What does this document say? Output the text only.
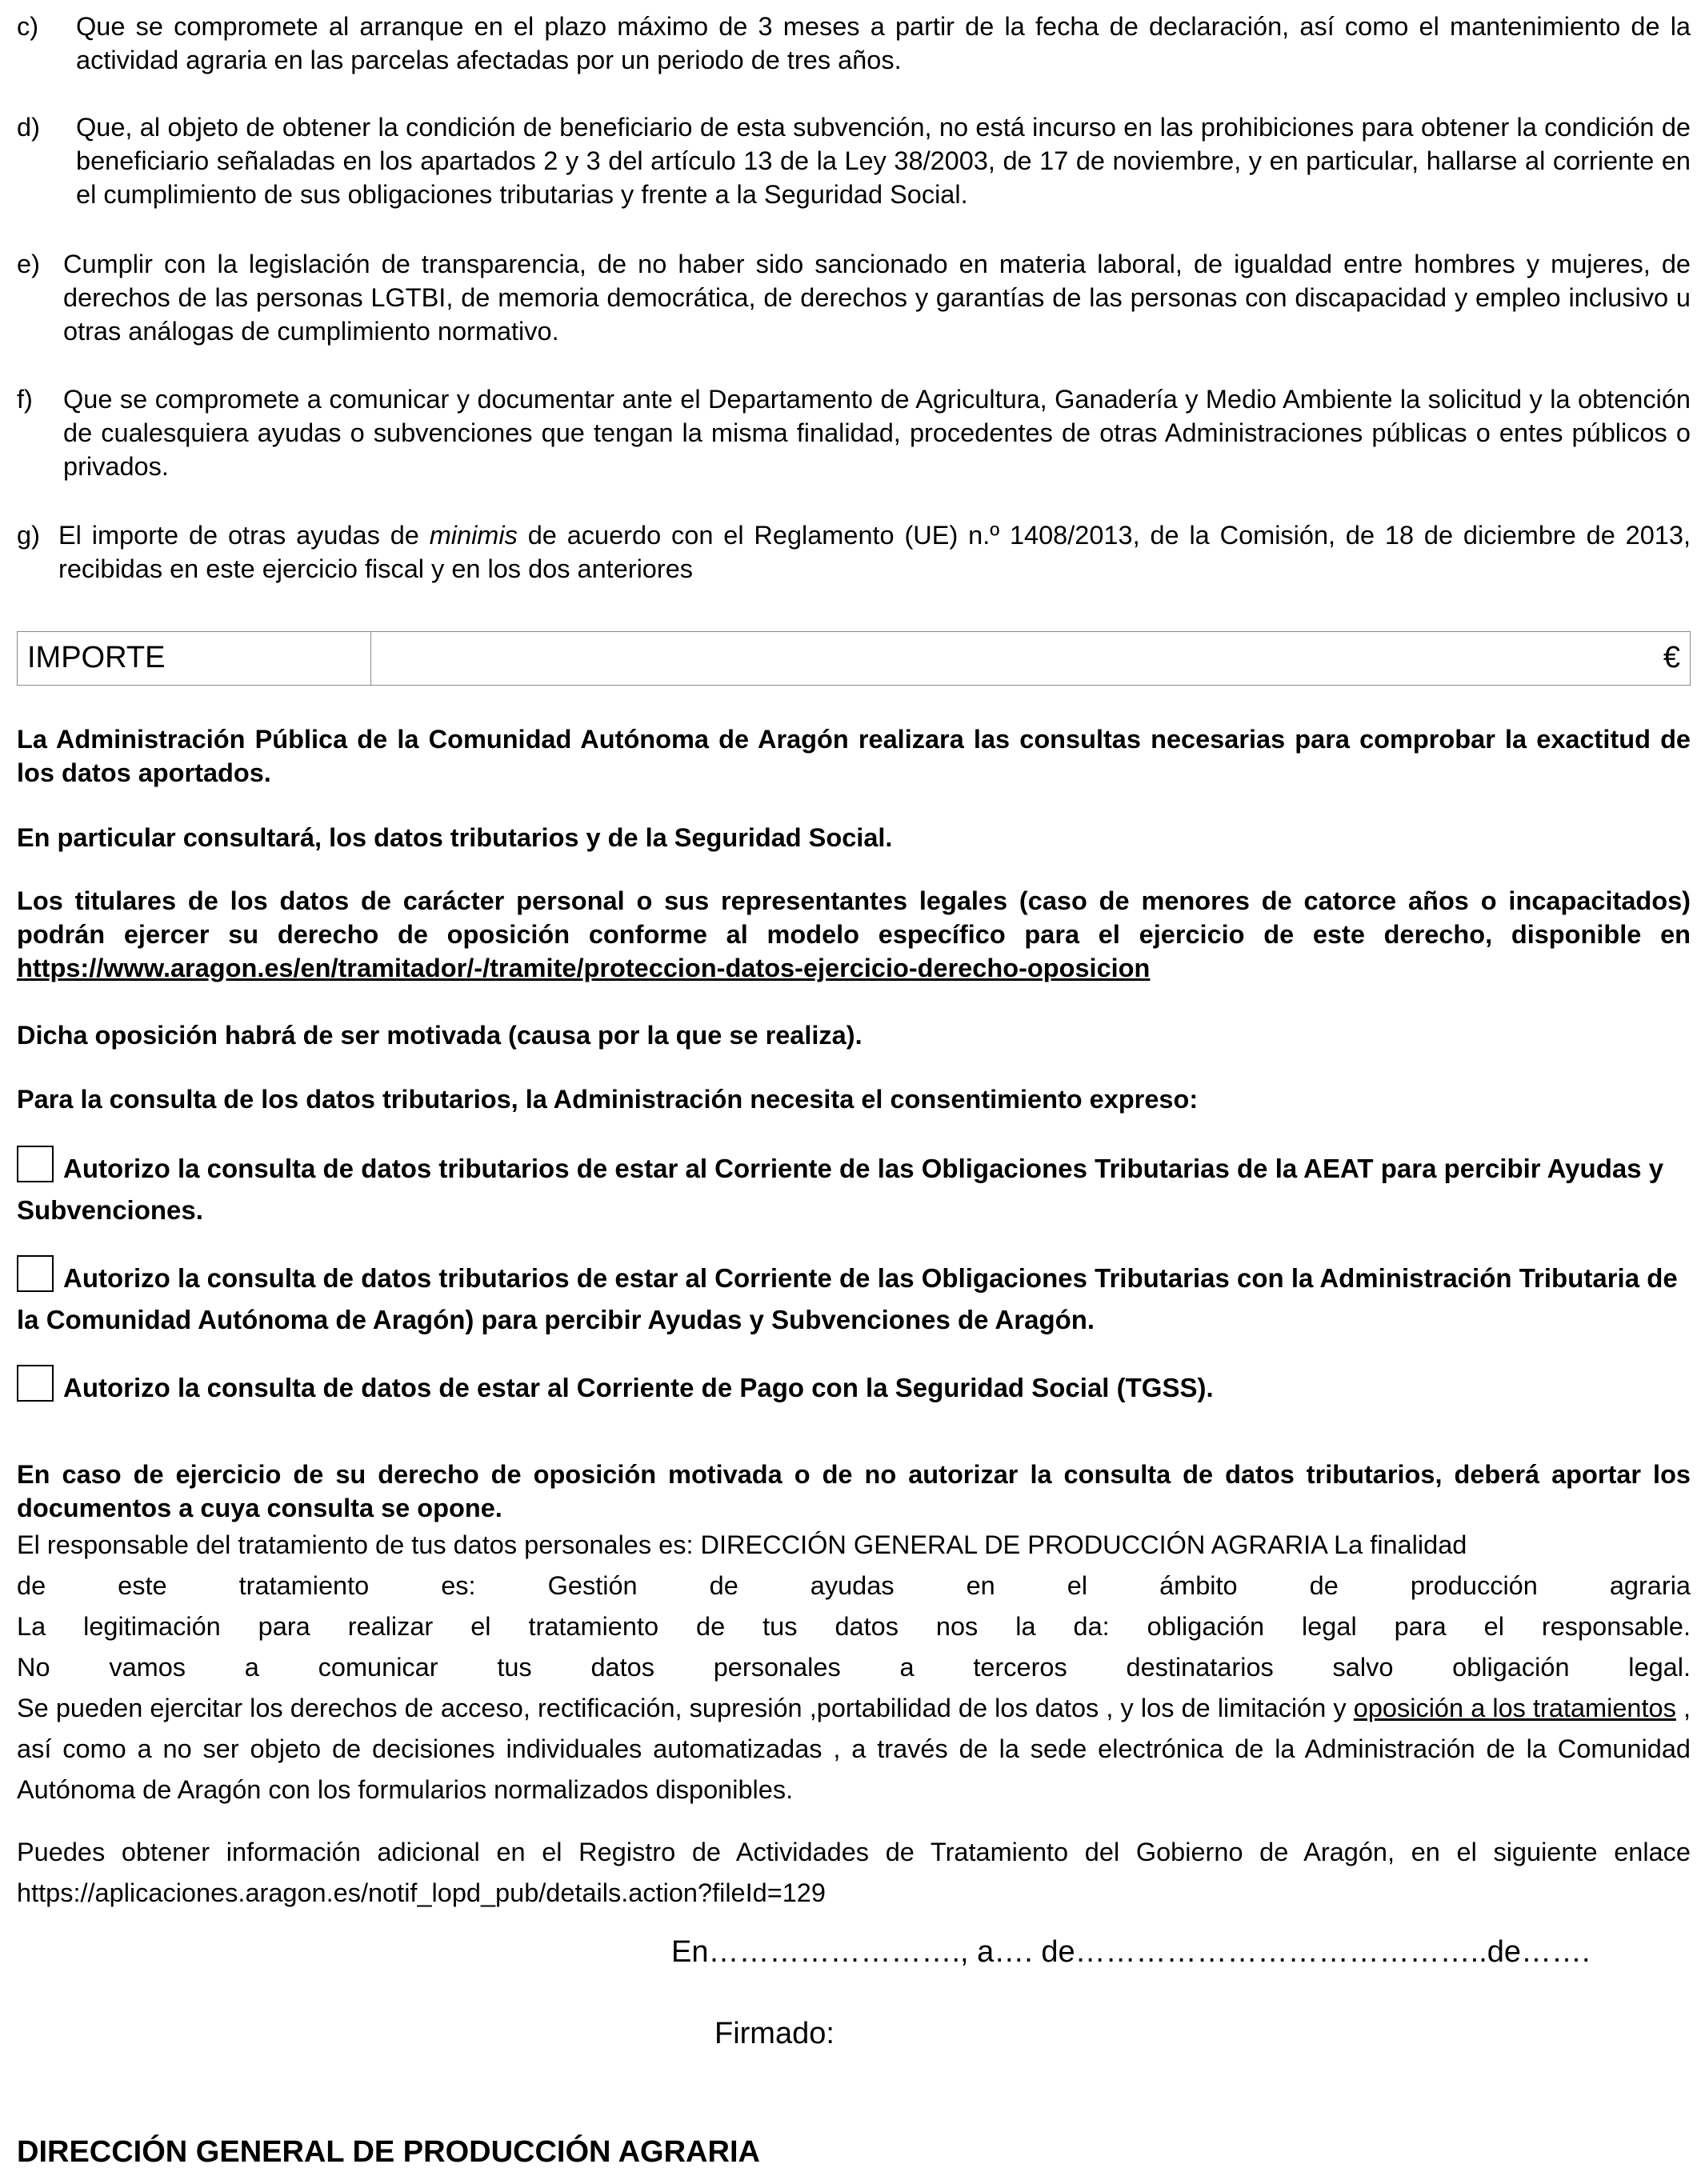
c)	Que se compromete al arranque en el plazo máximo de 3 meses a partir de la fecha de declaración, así como el mantenimiento de la actividad agraria en las parcelas afectadas por un periodo de tres años.
d)	Que, al objeto de obtener la condición de beneficiario de esta subvención, no está incurso en las prohibiciones para obtener la condición de beneficiario señaladas en los apartados 2 y 3 del artículo 13 de la Ley 38/2003, de 17 de noviembre, y en particular, hallarse al corriente en el cumplimiento de sus obligaciones tributarias y frente a la Seguridad Social.
e) Cumplir con la legislación de transparencia, de no haber sido sancionado en materia laboral, de igualdad entre hombres y mujeres, de derechos de las personas LGTBI, de memoria democrática, de derechos y garantías de las personas con discapacidad y empleo inclusivo u otras análogas de cumplimiento normativo.
f)	Que se compromete a comunicar y documentar ante el Departamento de Agricultura, Ganadería y Medio Ambiente la solicitud y la obtención de cualesquiera ayudas o subvenciones que tengan la misma finalidad, procedentes de otras Administraciones públicas o entes públicos o privados.
g) El importe de otras ayudas de minimis de acuerdo con el Reglamento (UE) n.º 1408/2013, de la Comisión, de 18 de diciembre de 2013, recibidas en este ejercicio fiscal y en los dos anteriores
IMPORTE	€
La Administración Pública de la Comunidad Autónoma de Aragón realizara las consultas necesarias para comprobar la exactitud de los datos aportados.
En particular consultará, los datos tributarios y de la Seguridad Social.
Los titulares de los datos de carácter personal o sus representantes legales (caso de menores de catorce años o incapacitados) podrán ejercer su derecho de oposición conforme al modelo específico para el ejercicio de este derecho, disponible en https://www.aragon.es/en/tramitador/-/tramite/proteccion-datos-ejercicio-derecho-oposicion
Dicha oposición habrá de ser motivada (causa por la que se realiza).
Para la consulta de los datos tributarios, la Administración necesita el consentimiento expreso:
Autorizo la consulta de datos tributarios de estar al Corriente de las Obligaciones Tributarias de la AEAT para percibir Ayudas y Subvenciones.
Autorizo la consulta de datos tributarios de estar al Corriente de las Obligaciones Tributarias con la Administración Tributaria de la Comunidad Autónoma de Aragón) para percibir Ayudas y Subvenciones de Aragón.
Autorizo la consulta de datos de estar al Corriente de Pago con la Seguridad Social (TGSS).
En caso de ejercicio de su derecho de oposición motivada o de no autorizar la consulta de datos tributarios, deberá aportar los documentos a cuya consulta se opone.
El responsable del tratamiento de tus datos personales es: DIRECCIÓN GENERAL DE PRODUCCIÓN AGRARIA La finalidad
de este tratamiento es: Gestión de ayudas en el ámbito de producción agraria
La legitimación para realizar el tratamiento de tus datos nos la da: obligación legal para el responsable.
No vamos a comunicar tus datos personales a terceros destinatarios salvo obligación legal.
Se pueden ejercitar los derechos de acceso, rectificación, supresión ,portabilidad de los datos , y los de limitación y oposición a los tratamientos , así como a no ser objeto de decisiones individuales automatizadas , a través de la sede electrónica de la Administración de la Comunidad Autónoma de Aragón con los formularios normalizados disponibles.
Puedes obtener información adicional en el Registro de Actividades de Tratamiento del Gobierno de Aragón, en el siguiente enlace https://aplicaciones.aragon.es/notif_lopd_pub/details.action?fileId=129
En……………………., a…. de…………………………………..de…….
Firmado:
DIRECCIÓN GENERAL DE PRODUCCIÓN AGRARIA
